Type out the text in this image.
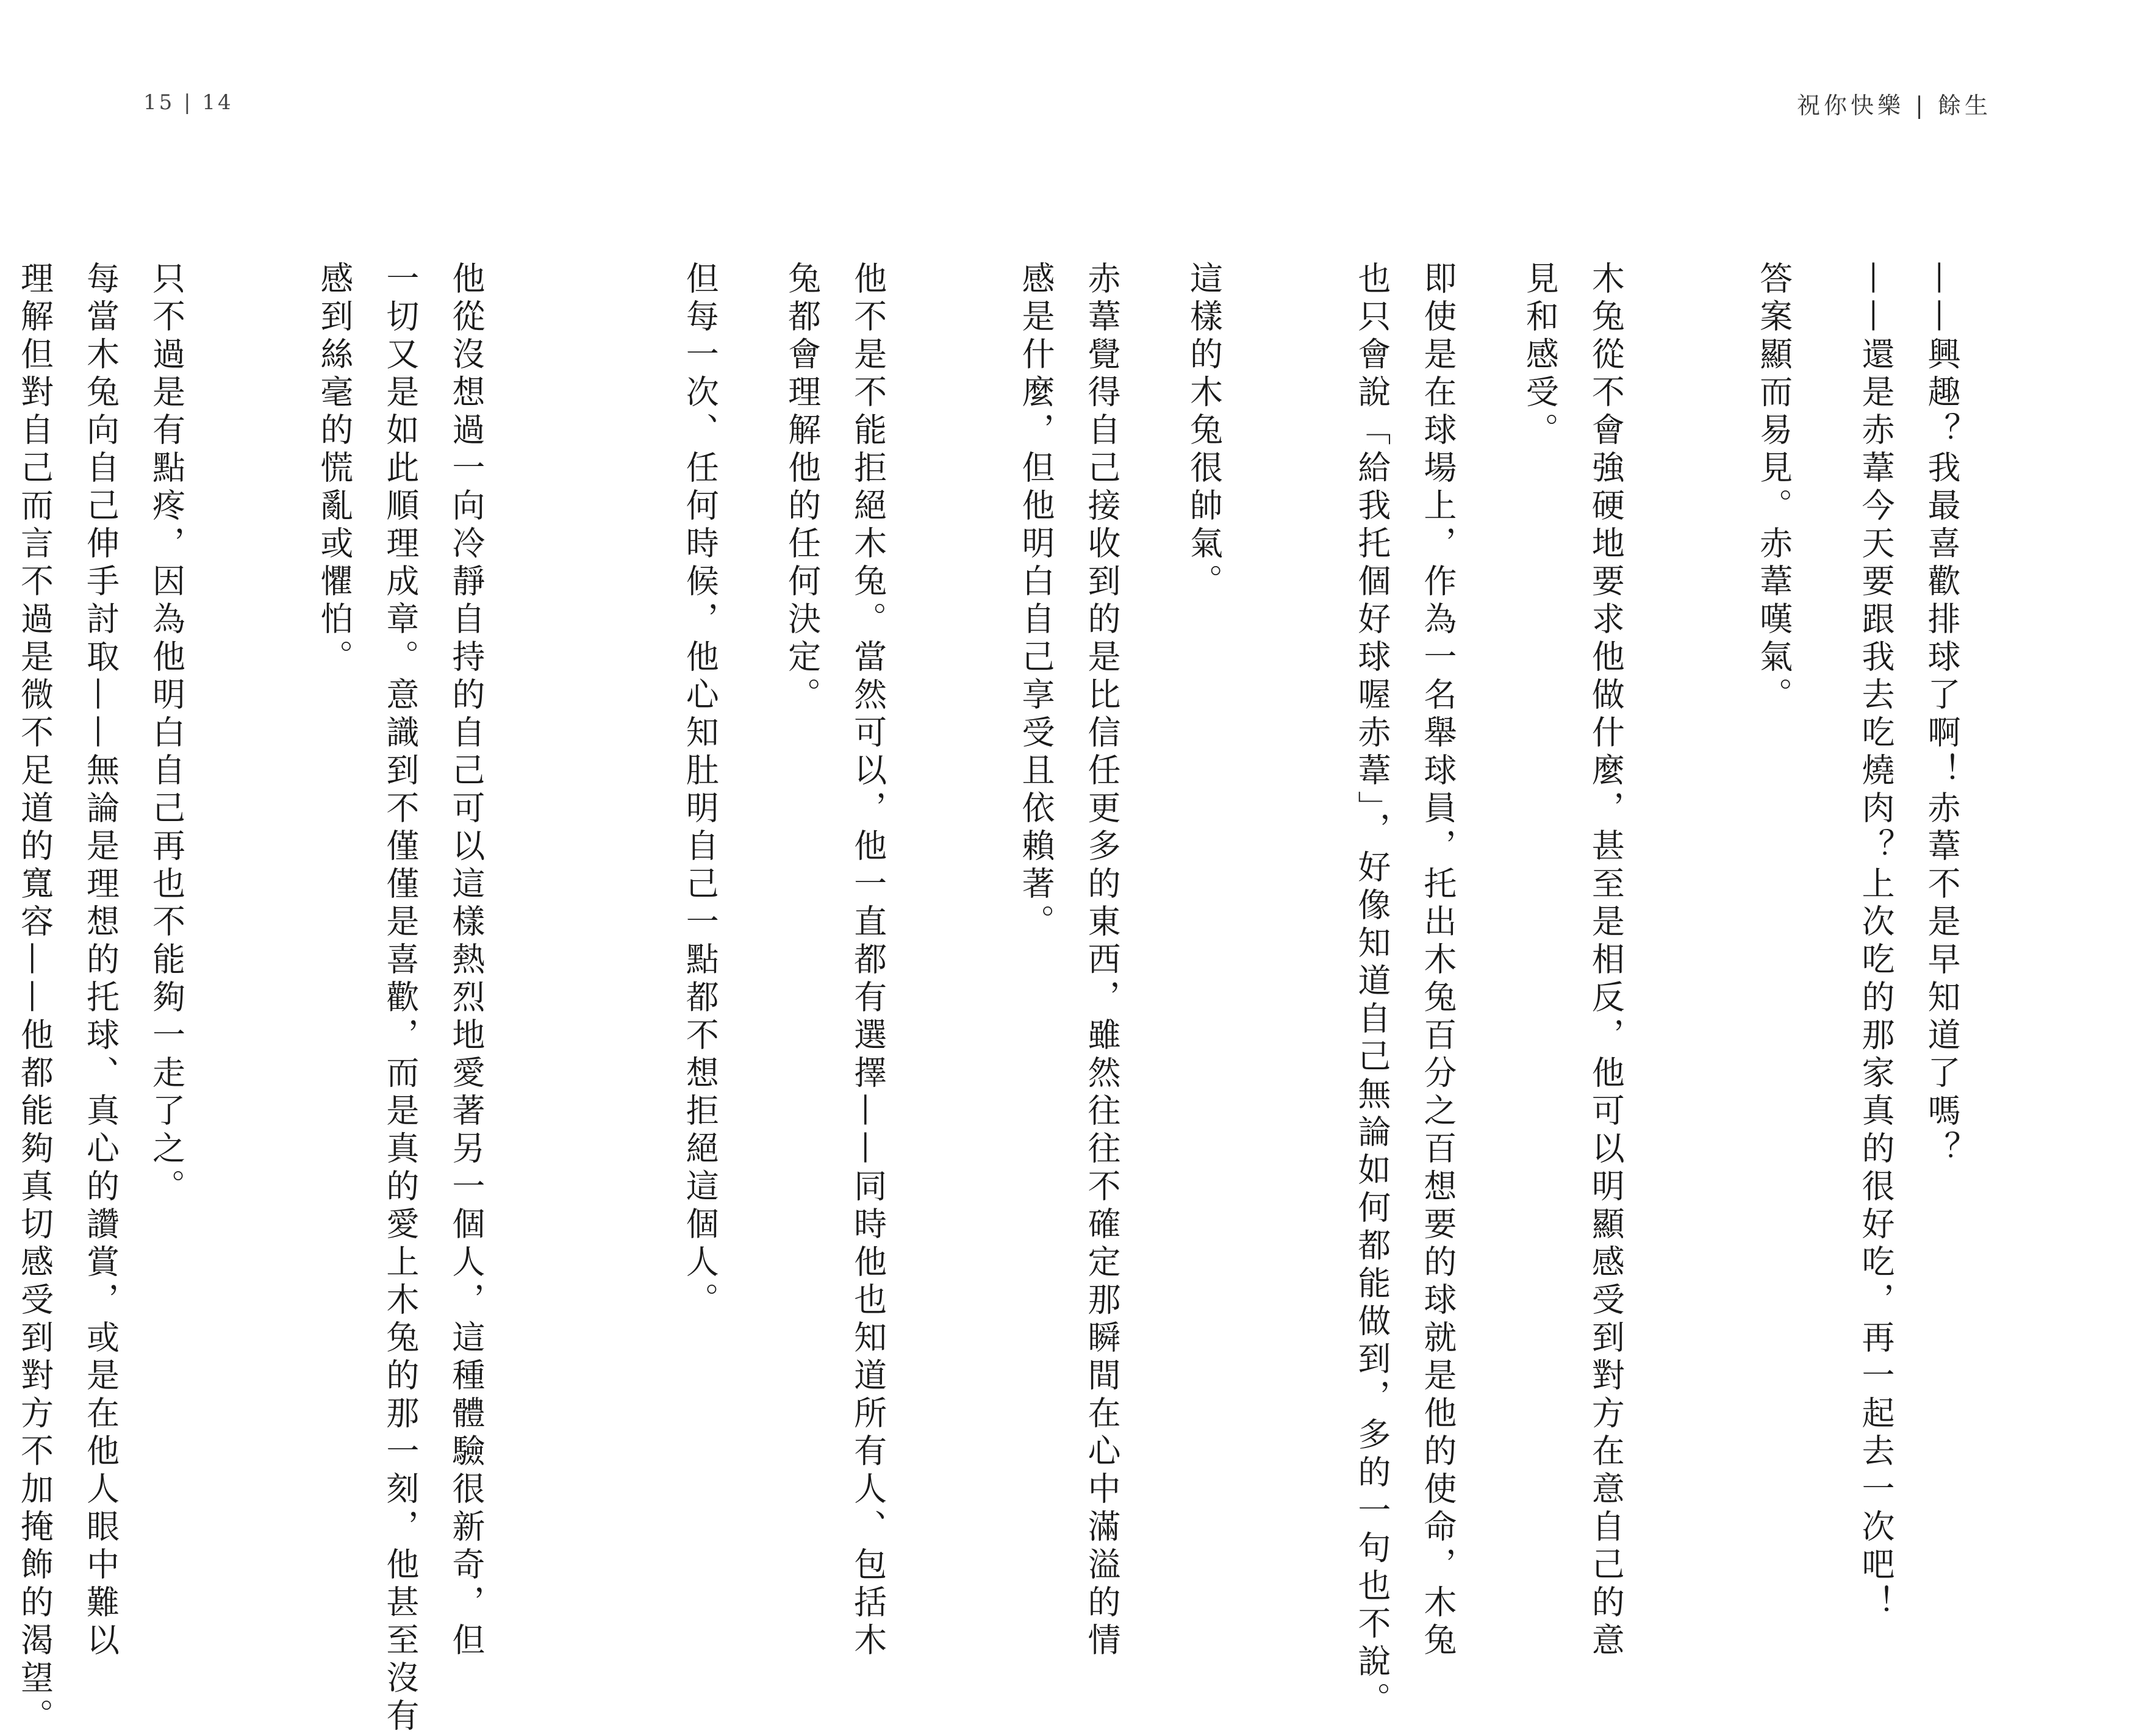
15 | 14	祝你快樂 | 餘生
——興趣？我最喜歡排球了啊！赤葦不是早知道了嗎？
——還是赤葦今天要跟我去吃燒肉？上次吃的那家真的很好吃，再一起去一次吧！
答案顯而易見。赤葦嘆氣。
木兔從不會強硬地要求他做什麼，甚至是相反，他可以明顯感受到對方在意自己的意
見和感受。
即使是在球場上，作為一名舉球員，托出木兔百分之百想要的球就是他的使命，木兔
也只會說「給我托個好球喔赤葦」，好像知道自己無論如何都能做到，多的一句也不說。
這樣的木兔很帥氣。
赤葦覺得自己接收到的是比信任更多的東西，雖然往往不確定那瞬間在心中滿溢的情
感是什麼，但他明白自己享受且依賴著。
他不是不能拒絕木兔。當然可以，他一直都有選擇——同時他也知道所有人、包括木
兔都會理解他的任何決定。
但每一次、任何時候，他心知肚明自己一點都不想拒絕這個人。
他從沒想過一向冷靜自持的自己可以這樣熱烈地愛著另一個人，這種體驗很新奇，但
一切又是如此順理成章。意識到不僅僅是喜歡，而是真的愛上木兔的那一刻，他甚至沒有
感到絲毫的慌亂或懼怕。
只不過是有點疼，因為他明白自己再也不能夠一走了之。
每當木兔向自己伸手討取——無論是理想的托球、真心的讚賞，或是在他人眼中難以
理解但對自己而言不過是微不足道的寬容——他都能夠真切感受到對方不加掩飾的渴望。
